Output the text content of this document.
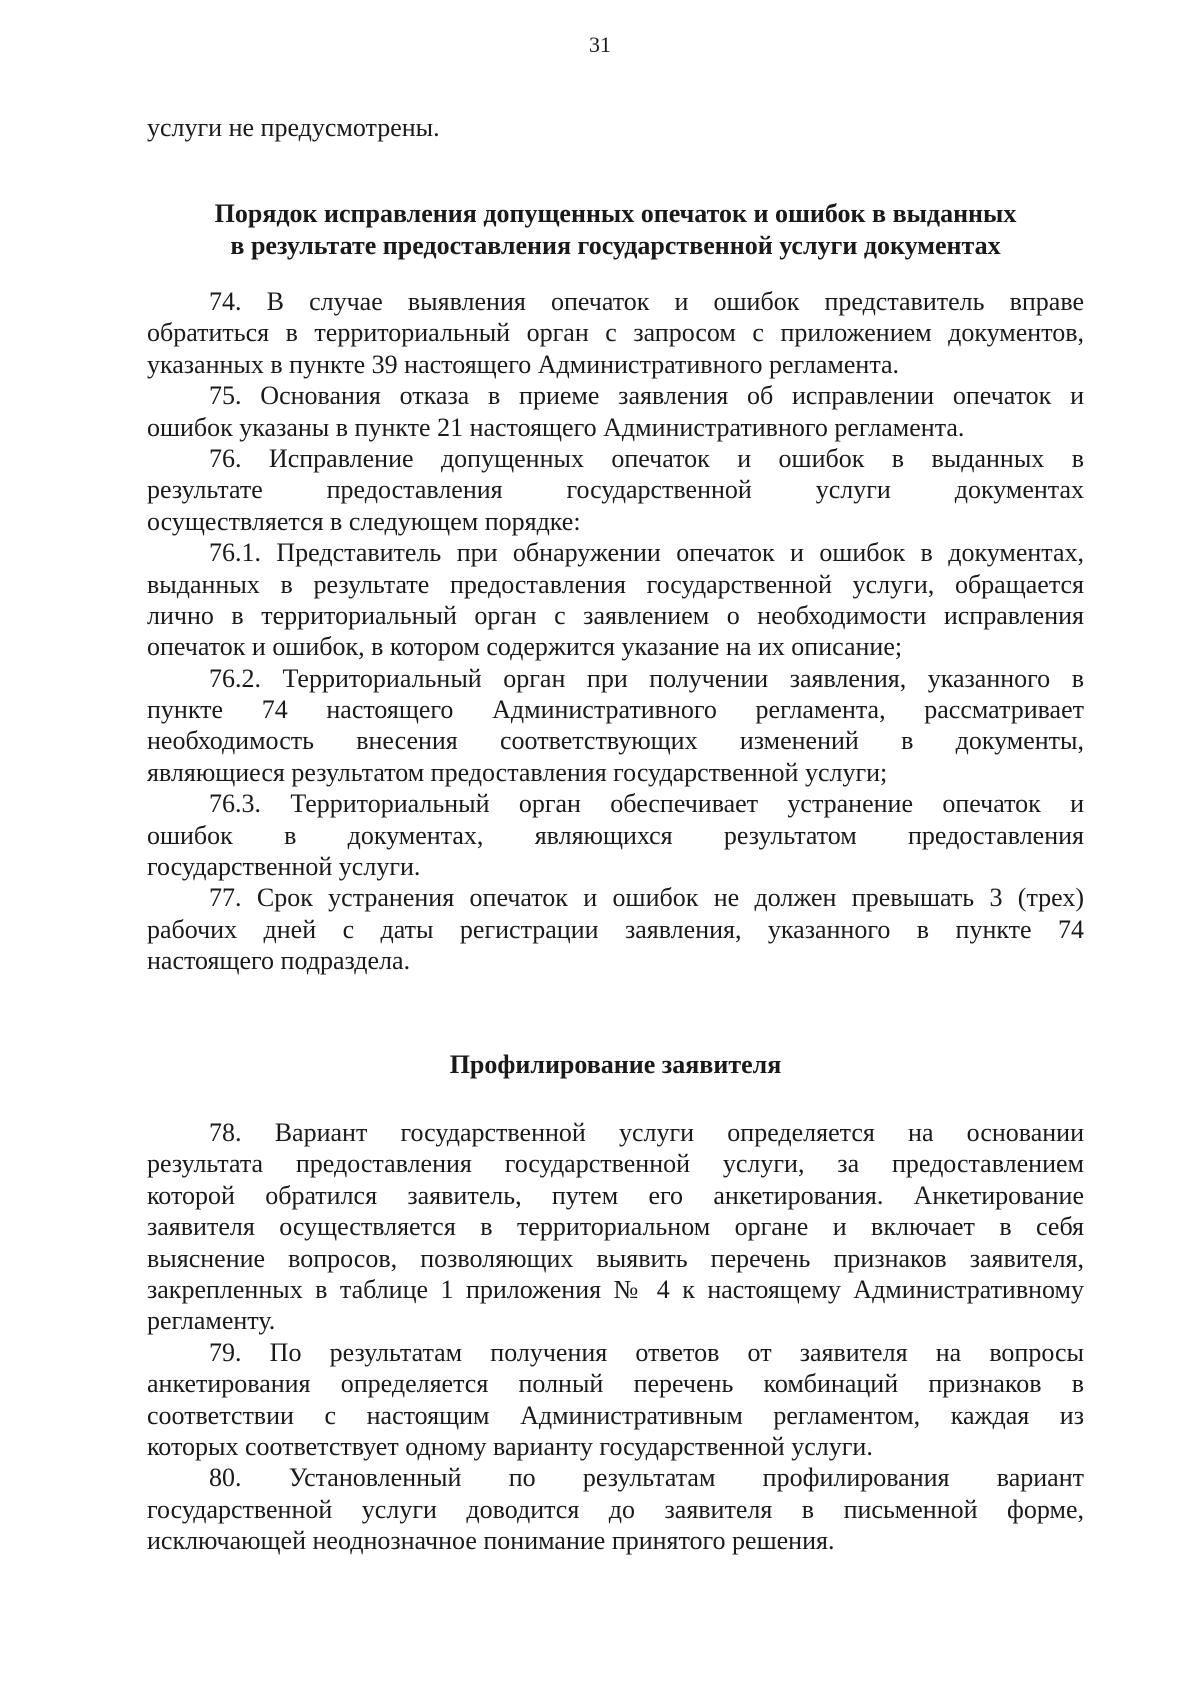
31
услуги не предусмотрены.
Порядок исправления допущенных опечаток и ошибок в выданных
в результате предоставления государственной услуги документах
74. В случае выявления опечаток и ошибок представитель вправе
обратиться в территориальный орган с запросом с приложением документов,
указанных в пункте 39 настоящего Административного регламента.
75. Основания отказа в приеме заявления об исправлении опечаток и
ошибок указаны в пункте 21 настоящего Административного регламента.
76. Исправление допущенных опечаток и ошибок в выданных в
результате предоставления государственной услуги документах
осуществляется в следующем порядке:
76.1. Представитель при обнаружении опечаток и ошибок в документах,
выданных в результате предоставления государственной услуги, обращается
лично в территориальный орган с заявлением о необходимости исправления
опечаток и ошибок, в котором содержится указание на их описание;
76.2. Территориальный орган при получении заявления, указанного в
пункте 74 настоящего Административного регламента, рассматривает
необходимость внесения соответствующих изменений в документы,
являющиеся результатом предоставления государственной услуги;
76.3. Территориальный орган обеспечивает устранение опечаток и
ошибок в документах, являющихся результатом предоставления
государственной услуги.
77. Срок устранения опечаток и ошибок не должен превышать 3 (трех)
рабочих дней с даты регистрации заявления, указанного в пункте 74
настоящего подраздела.
Профилирование заявителя
78. Вариант государственной услуги определяется на основании
результата предоставления государственной услуги, за предоставлением
которой обратился заявитель, путем его анкетирования. Анкетирование
заявителя осуществляется в территориальном органе и включает в себя
выяснение вопросов, позволяющих выявить перечень признаков заявителя,
закрепленных в таблице 1 приложения № 4 к настоящему Административному
регламенту.
79. По результатам получения ответов от заявителя на вопросы
анкетирования определяется полный перечень комбинаций признаков в
соответствии с настоящим Административным регламентом, каждая из
которых соответствует одному варианту государственной услуги.
80. Установленный по результатам профилирования вариант
государственной услуги доводится до заявителя в письменной форме,
исключающей неоднозначное понимание принятого решения.
